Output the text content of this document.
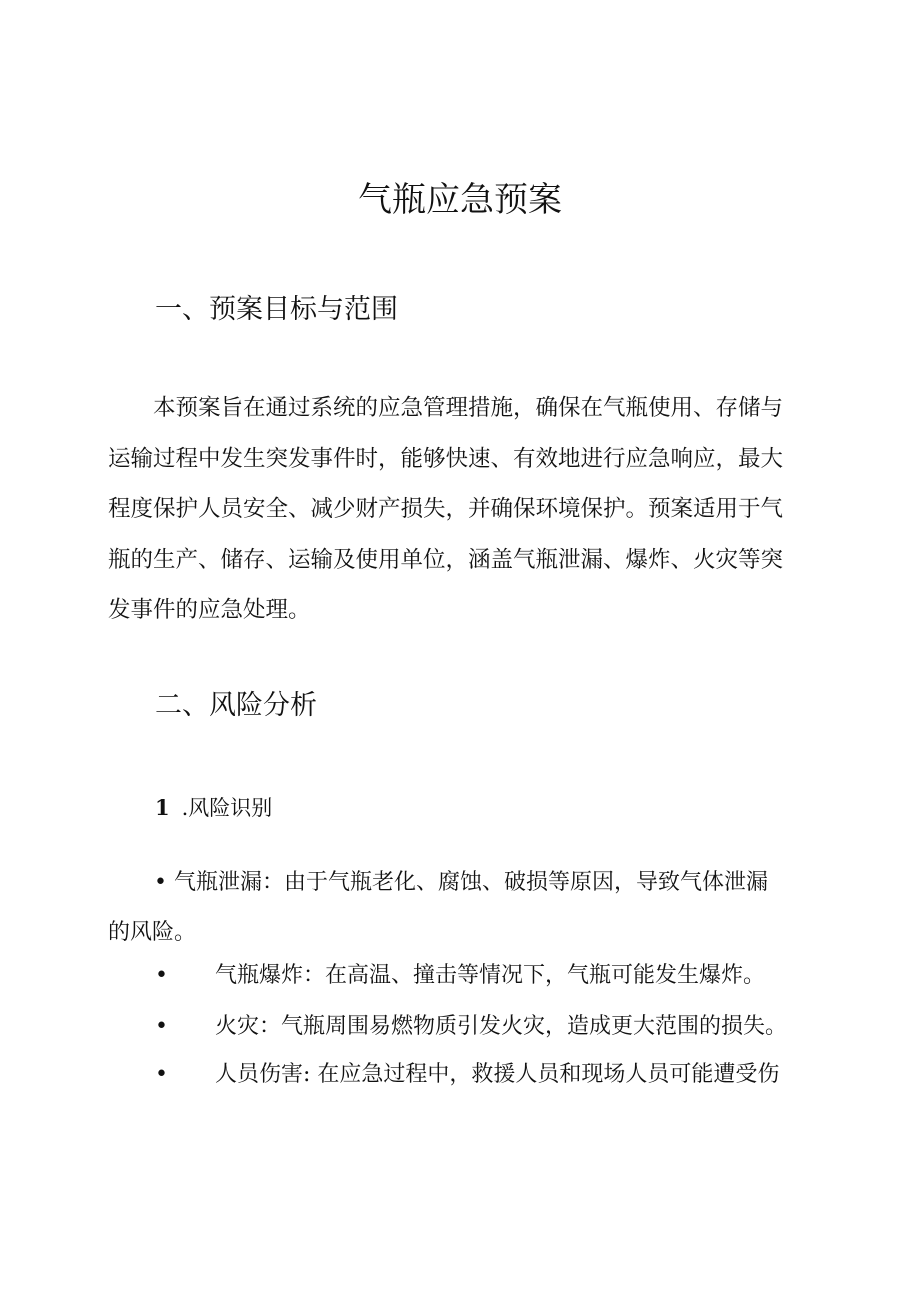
气瓶应急预案
一、预案目标与范围
本预案旨在通过系统的应急管理措施，确保在气瓶使用、存储与
运输过程中发生突发事件时，能够快速、有效地进行应急响应，最大
程度保护人员安全、减少财产损失，并确保环境保护。预案适用于气
瓶的生产、储存、运输及使用单位，涵盖气瓶泄漏、爆炸、火灾等突
发事件的应急处理。
二、风险分析
1 .风险识别
• 气瓶泄漏：由于气瓶老化、腐蚀、破损等原因，导致气体泄漏
的风险。
• 气瓶爆炸：在高温、撞击等情况下，气瓶可能发生爆炸。
• 火灾：气瓶周围易燃物质引发火灾，造成更大范围的损失。
• 人员伤害: 在应急过程中，救援人员和现场人员可能遭受伤
